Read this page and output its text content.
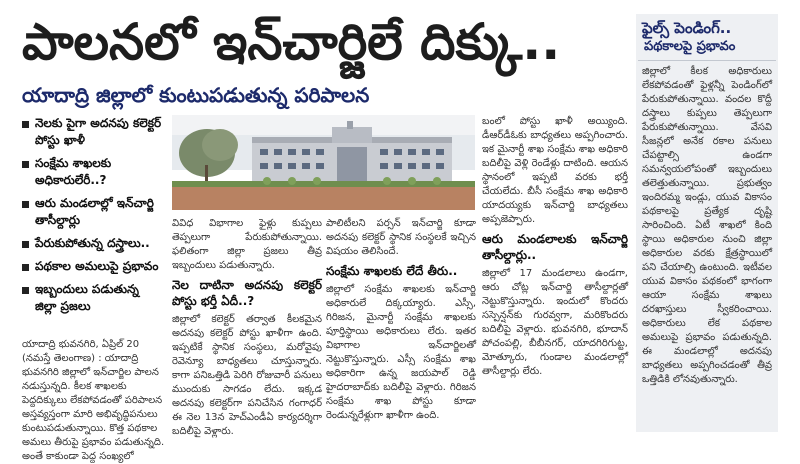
పాలనలో ఇన్‌చార్జిలే దిక్కు..
యాదాద్రి జిల్లాలో కుంటుపడుతున్న పరిపాలన
నెలకు పైగా అదనపు కలెక్టర్ పోస్టు ఖాళీ
సంక్షేమ శాఖలకు అధికారులేరీ..?
ఆరు మండలాల్లో ఇన్‌చార్జి తాసీల్దార్లు
పేరుకుపోతున్న దస్త్రాలు..
పథకాల అమలుపై ప్రభావం
ఇబ్బందులు పడుతున్న జిల్లా ప్రజలు

వివిధ విభాగాల ఫైళ్లు కుప్పలు తెప్పలుగా పేరుకుపోతున్నాయి. ఫలితంగా జిల్లా ప్రజలు తీవ్ర ఇబ్బందులు పడుతున్నారు.

నెల దాటినా అదనపు కలెక్టర్ పోస్టు భర్తీ ఏదీ..?

జిల్లాలో కలెక్టర్ తర్వాత కీలకమైన అదనపు కలెక్టర్ పోస్టు ఖాళీగా ఉంది. ఇప్పటికే స్థానిక సంస్థలు, మరోవైపు రెవెన్యూ బాధ్యతలు చూస్తున్నారు. కాగా పనిఒత్తిడి పెరిగి రోజువారీ పనులు ముందుకు సాగడం లేదు. ఇక్కడ అదనపు కలెక్టర్‌గా పనిచేసిన గంగాధర్ ఈ నెల 13న హెచ్‌ఎండీఏ కార్యదర్శిగా బదిలీపై వెళ్లారు.

పాలిటీలని పర్సన్ ఇన్‌చార్జి కూడా అదనపు కలెక్టర్ స్థానిక సంస్థలకే ఇచ్చిన విషయం తెలిసిందే.

సంక్షేమ శాఖలకు లేదే తీరు..

జిల్లాలో సంక్షేమ శాఖలకు ఇన్‌చార్జి అధికారులే దిక్కయ్యారు. ఎస్సీ, గిరిజన, మైనార్టీ సంక్షేమ శాఖలకు పూర్తిస్థాయి అధికారులు లేరు. ఇతర విభాగాల ఇన్‌చార్జిలతో నెట్టుకొస్తున్నారు. ఎస్సీ సంక్షేమ శాఖ అధికారిగా ఉన్న జయపాల్ రెడ్డి హైదరాబాద్‌కు బదిలీపై వెళ్లారు. గిరిజన సంక్షేమ శాఖ పోస్టు కూడా రెండున్నరేళ్లుగా ఖాళీగా ఉంది.

బంలో పోస్టు ఖాళీ అయ్యింది. డీఆర్‌డీఓకు బాధ్యతలు అప్పగించారు. ఇక మైనార్టీ శాఖ సంక్షేమ శాఖ అధికారి బదిలీపై వెళ్లి రెండేళ్లు దాటింది. ఆయన స్థానంలో ఇప్పటి వరకు భర్తీ చేయలేదు. బీసీ సంక్షేమ శాఖ అధికారి యాదయ్యకు ఇన్‌చార్జి బాధ్యతలు అప్పజెప్పారు.

ఆరు మండలాలకు ఇన్‌చార్జి తాసీల్దార్లు..

జిల్లాలో 17 మండలాలు ఉండగా, ఆరు చోట్ల ఇన్‌చార్జి తాసీల్దార్లతో నెట్టుకొస్తున్నారు. ఇందులో కొందరు సస్పెన్షన్‌కు గురవ్వగా, మరికొందరు బదిలీపై వెళ్లారు. భువనగిరి, భూదాన్ పోచంపల్లి, బీబీనగర్, యాదగిరిగుట్ట, మోత్కూరు, గుండాల మండలాల్లో తాసీల్దార్లు లేరు.

యాదాద్రి భువనగిరి, ఏప్రిల్ 20 (నమస్తే తెలంగాణ) : యాదాద్రి భువనగిరి జిల్లాలో ఇన్‌చార్జిల పాలన నడుస్తున్నది. కీలక శాఖలకు పెద్దదిక్కులు లేకపోవడంతో పరిపాలన అస్తవ్యస్తంగా మారి అభివృద్ధిపనులు కుంటుపడుతున్నాయి. కొత్త పథకాల అమలు తీరుపై ప్రభావం పడుతున్నది. అంతే కాకుండా పెద్ద సంఖ్యలో
ఫైల్స్ పెండింగ్..
పథకాలపై ప్రభావం
జిల్లాలో కీలక అధికారులు లేకపోవడంతో ఫైళ్లన్నీ పెండింగ్‌లో పేరుకుపోతున్నాయి. వందల కొద్దీ దస్త్రాలు కుప్పలు తెప్పలుగా పేరుకుపోతున్నాయి. వేసవి సీజన్లలో అనేక రకాల పనులు చేపట్టాల్సి ఉండగా సమన్వయలోపంతో ఇబ్బందులు తలెత్తుతున్నాయి. ప్రభుత్వం ఇందిరమ్మ ఇండ్లు, యువ వికాసం పథకాలపై ప్రత్యేక దృష్టి సారించింది. ఏటీ శాఖలో కింది స్థాయి అధికారుల నుంచి జిల్లా అధికారుల వరకు క్షేత్రస్థాయిలో పని చేయాల్సి ఉంటుంది. ఇటీవల యువ వికాసం పథకంలో భాగంగా ఆయా సంక్షేమ శాఖలు దరఖాస్తులు స్వీకరించాయి. అధికారులు లేక పథకాల అమలుపై ప్రభావం పడుతున్నది. ఈ మండలాల్లో అదనపు బాధ్యతలు అప్పగించడంతో తీవ్ర ఒత్తిడికి లోనవుతున్నారు.
